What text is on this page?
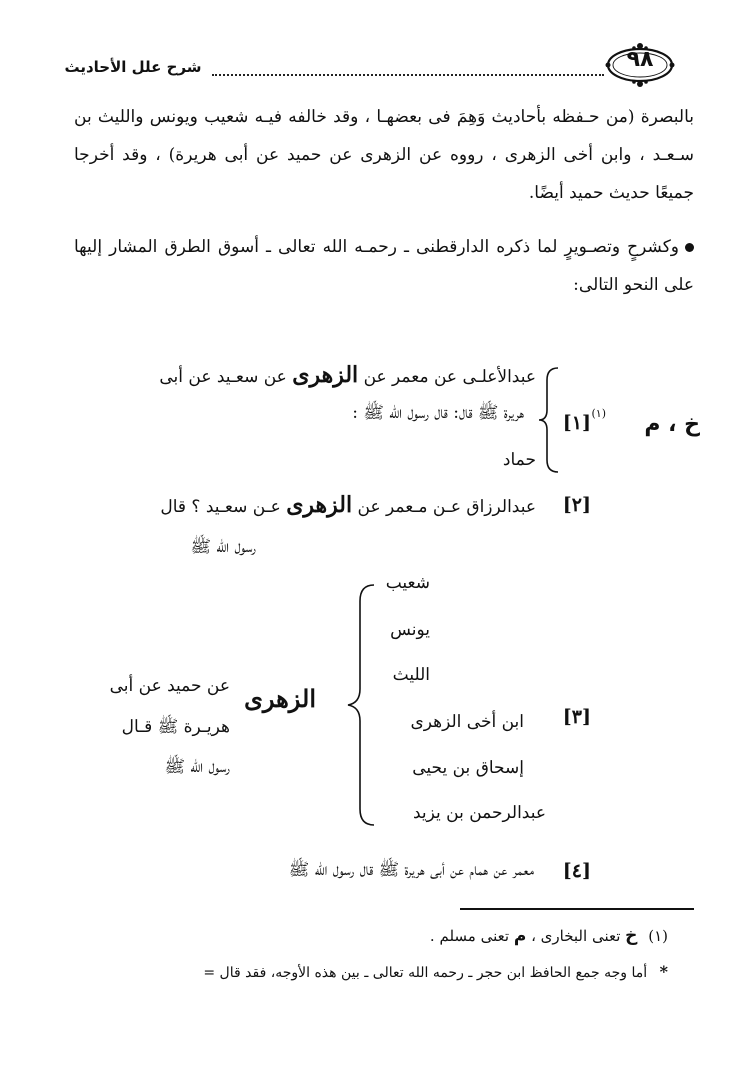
٩٨
شرح علل الأحاديث
بالبصرة (من حـفظه بأحاديث وَهِمَ فى بعضهـا ، وقد خالفه فيـه شعيب ويونس والليث بن سـعـد ، وابن أخى الزهرى ، رووه عن الزهرى عن حميد عن أبى هريرة) ، وقد أخرجا جميعًا حديث حميد أيضًا.
وكشرحٍ وتصـويرٍ لما ذكره الدارقطنى ـ رحمـه الله تعالى ـ أسوق الطرق المشار إليها على النحو التالى:
خ ، م
(١)
[١]
عبدالأعلـى عن معمر عن الزهرى عن سعـيد عن أبى
هريرة ﷺ قال: قال رسول الله ﷺ :
حماد
[٢]
عبدالرزاق عـن مـعمر عن الزهرى عـن سعـيد ؟ قال
رسول الله ﷺ
[٣]
شعيب
يونس
الليث
ابن أخى الزهرى
إسحاق بن يحيى
عبدالرحمن بن يزيد
الزهرى
عن حميد عن أبى
هريـرة ﷺ قـال
رسول الله ﷺ
[٤]
معمر عن همام عن أبى هريرة ﷺ قال رسول الله ﷺ
(١) خ تعنى البخارى ، م تعنى مسلم .
* أما وجه جمع الحافظ ابن حجر ـ رحمه الله تعالى ـ بين هذه الأوجه، فقد قال =
